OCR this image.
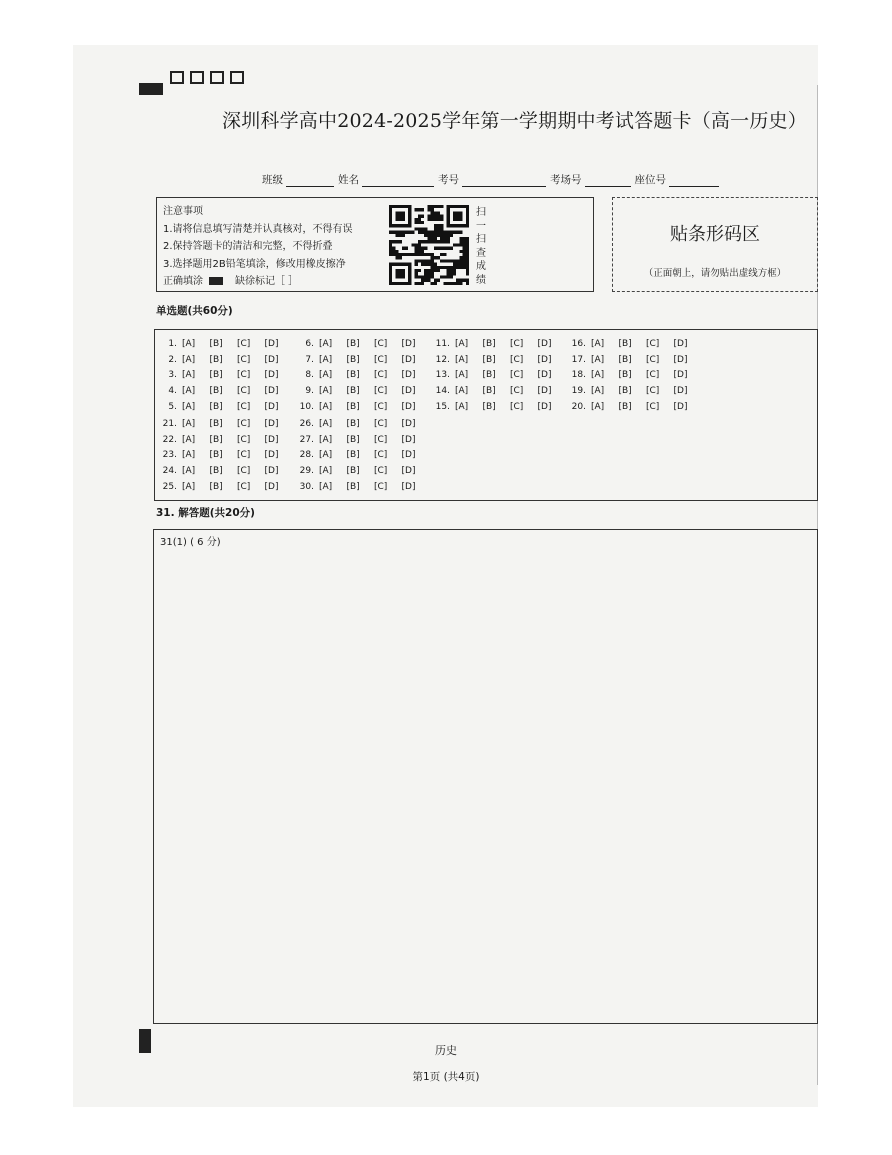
深圳科学高中2024-2025学年第一学期期中考试答题卡（高一历史）
班级	姓名	考号	考场号	座位号
注意事项
1.请将信息填写清楚并认真核对，不得有误
2.保持答题卡的清洁和完整，不得折叠
3.选择题用2B铅笔填涂，修改用橡皮擦净
正确填涂	缺徐标记［ ］
扫
一
扫
查
成
绩
贴条形码区
（正面朝上，请勿贴出虚线方框）
单选题(共60分)
1. [A]	[B]	[C]	[D]
2. [A]	[B]	[C]	[D]
3. [A]	[B]	[C]	[D]
4. [A]	[B]	[C]	[D]
5. [A]	[B]	[C]	[D]
6. [A]	[B]	[C]	[D]
7. [A]	[B]	[C]	[D]
8. [A]	[B]	[C]	[D]
9. [A]	[B]	[C]	[D]
10. [A]	[B]	[C]	[D]
11. [A]	[B]	[C]	[D]
12. [A]	[B]	[C]	[D]
13. [A]	[B]	[C]	[D]
14. [A]	[B]	[C]	[D]
15. [A]	[B]	[C]	[D]
16. [A]	[B]	[C]	[D]
17. [A]	[B]	[C]	[D]
18. [A]	[B]	[C]	[D]
19. [A]	[B]	[C]	[D]
20. [A]	[B]	[C]	[D]
21. [A]	[B]	[C]	[D]
22. [A]	[B]	[C]	[D]
23. [A]	[B]	[C]	[D]
24. [A]	[B]	[C]	[D]
25. [A]	[B]	[C]	[D]
26. [A]	[B]	[C]	[D]
27. [A]	[B]	[C]	[D]
28. [A]	[B]	[C]	[D]
29. [A]	[B]	[C]	[D]
30. [A]	[B]	[C]	[D]
31. 解答题(共20分)
31(1) ( 6 分)
历史
第1页 (共4页)
